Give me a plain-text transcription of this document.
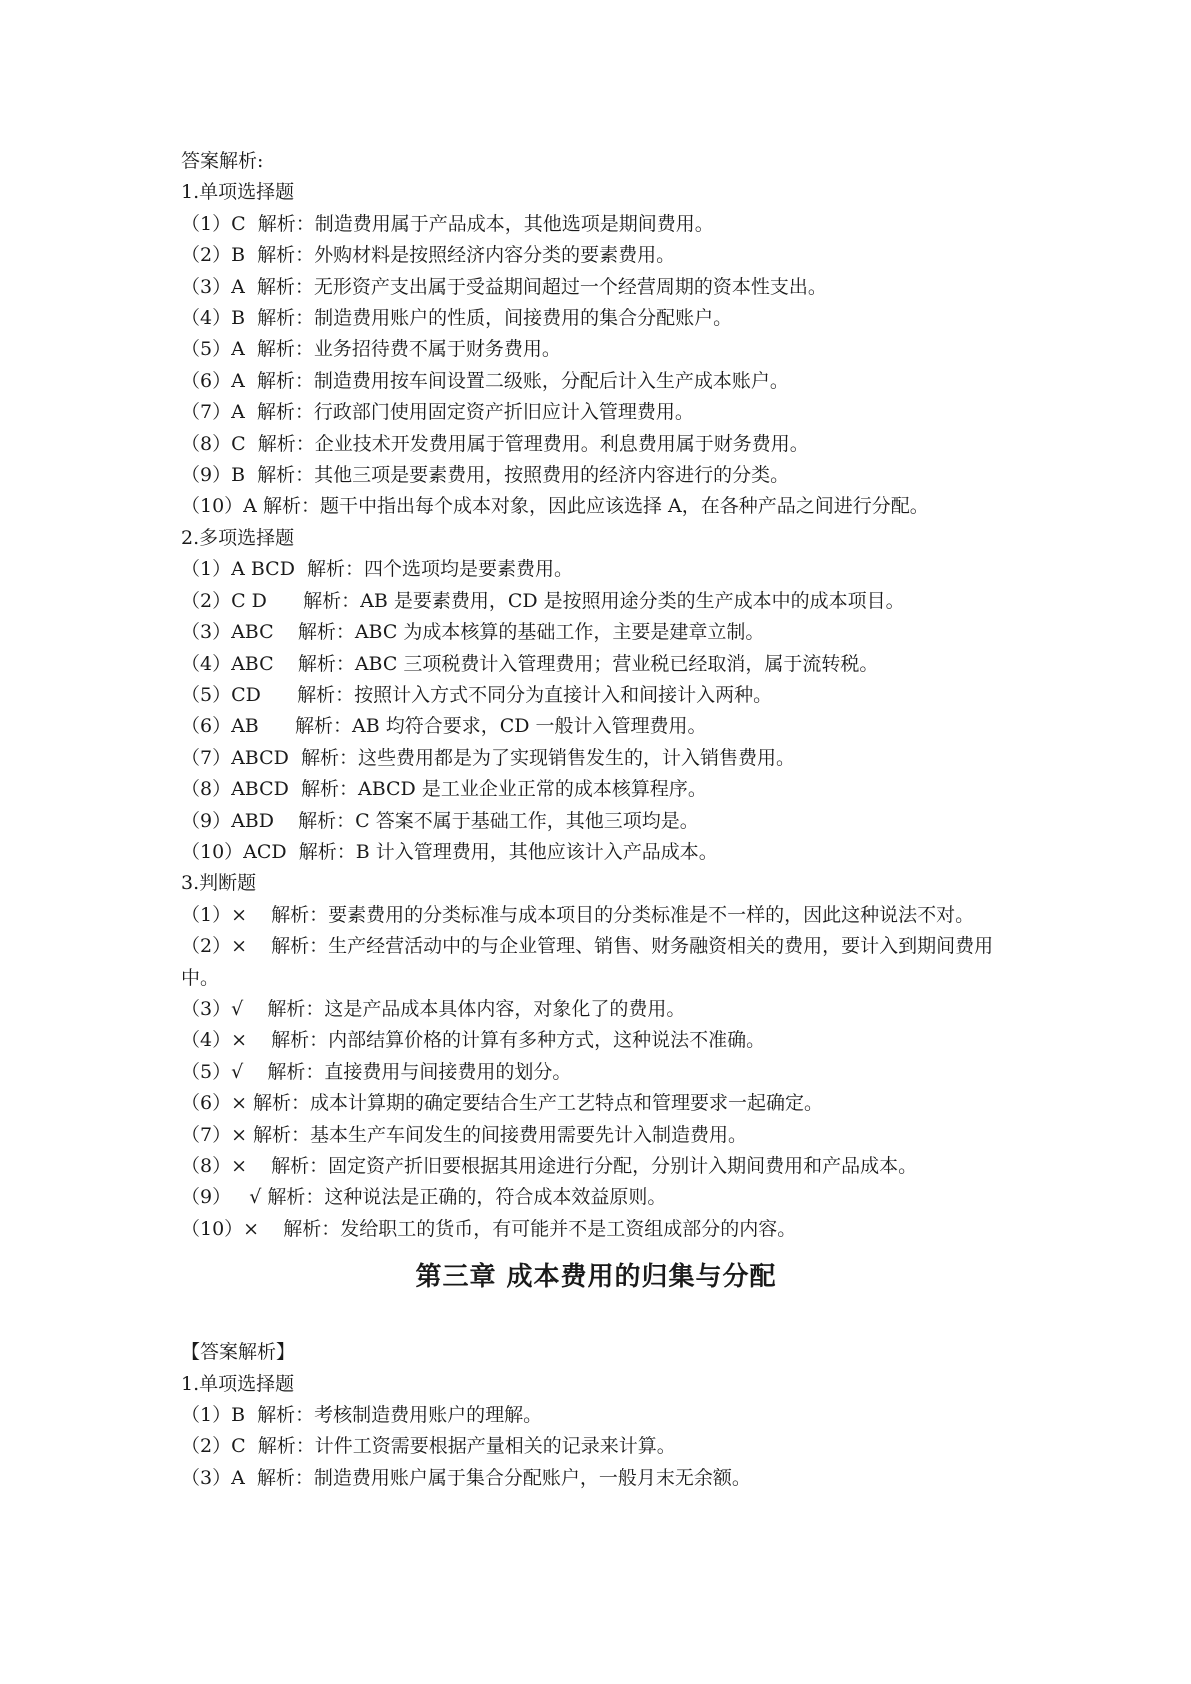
答案解析:

1.单项选择题

（1）C  解析：制造费用属于产品成本，其他选项是期间费用。

（2）B  解析：外购材料是按照经济内容分类的要素费用。

（3）A  解析：无形资产支出属于受益期间超过一个经营周期的资本性支出。

（4）B  解析：制造费用账户的性质，间接费用的集合分配账户。

（5）A  解析：业务招待费不属于财务费用。

（6）A  解析：制造费用按车间设置二级账，分配后计入生产成本账户。

（7）A  解析：行政部门使用固定资产折旧应计入管理费用。

（8）C  解析：企业技术开发费用属于管理费用。利息费用属于财务费用。

（9）B  解析：其他三项是要素费用，按照费用的经济内容进行的分类。

（10）A 解析：题干中指出每个成本对象，因此应该选择 A，在各种产品之间进行分配。

2.多项选择题

（1）A BCD  解析：四个选项均是要素费用。

（2）C D      解析：AB 是要素费用，CD 是按照用途分类的生产成本中的成本项目。

（3）ABC    解析：ABC 为成本核算的基础工作，主要是建章立制。

（4）ABC    解析：ABC 三项税费计入管理费用；营业税已经取消，属于流转税。

（5）CD      解析：按照计入方式不同分为直接计入和间接计入两种。

（6）AB      解析：AB 均符合要求，CD 一般计入管理费用。

（7）ABCD  解析：这些费用都是为了实现销售发生的，计入销售费用。

（8）ABCD  解析：ABCD 是工业企业正常的成本核算程序。

（9）ABD    解析：C 答案不属于基础工作，其他三项均是。

（10）ACD  解析：B 计入管理费用，其他应该计入产品成本。

3.判断题

（1）×    解析：要素费用的分类标准与成本项目的分类标准是不一样的，因此这种说法不对。

（2）×    解析：生产经营活动中的与企业管理、销售、财务融资相关的费用，要计入到期间费用中。

（3）√    解析：这是产品成本具体内容，对象化了的费用。

（4）×    解析：内部结算价格的计算有多种方式，这种说法不准确。

（5）√    解析：直接费用与间接费用的划分。

（6）× 解析：成本计算期的确定要结合生产工艺特点和管理要求一起确定。

（7）× 解析：基本生产车间发生的间接费用需要先计入制造费用。

（8）×    解析：固定资产折旧要根据其用途进行分配，分别计入期间费用和产品成本。

（9）   √ 解析：这种说法是正确的，符合成本效益原则。

（10）×    解析：发给职工的货币，有可能并不是工资组成部分的内容。

第三章 成本费用的归集与分配

【答案解析】

1.单项选择题

（1）B  解析：考核制造费用账户的理解。

（2）C  解析：计件工资需要根据产量相关的记录来计算。

（3）A  解析：制造费用账户属于集合分配账户，一般月末无余额。
